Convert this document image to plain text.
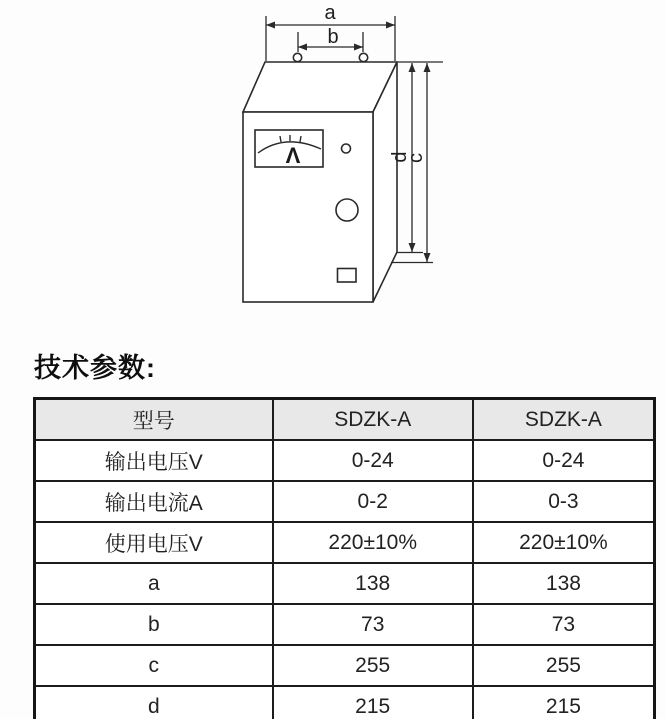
a
b
d
c
Λ
技术参数:
型号	SDZK-A	SDZK-A
输出电压V	0-24	0-24
输出电流A	0-2	0-3
使用电压V	220±10%	220±10%
a	138	138
b	73	73
c	255	255
d	215	215
